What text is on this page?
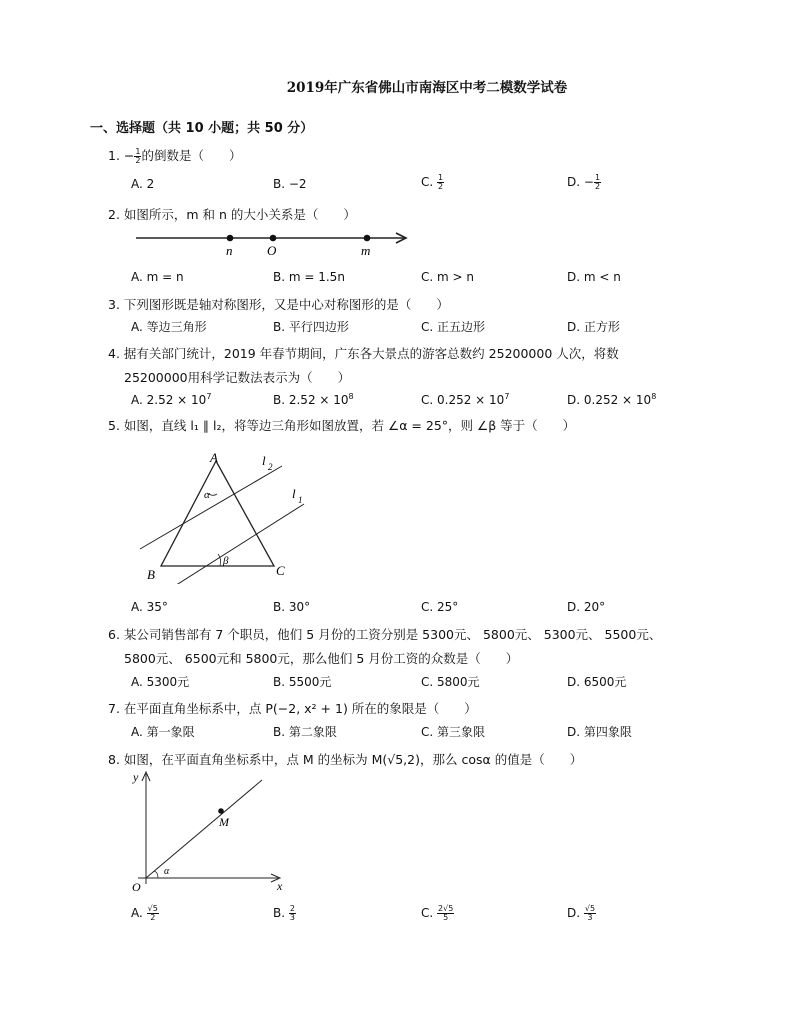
2019年广东省佛山市南海区中考二模数学试卷
一、选择题（共 10 小题；共 50 分）
1. − $\frac{1}{2}$ 的倒数是（　　）
A. 2	B. −2	C. $\frac{1}{2}$	D. − $\frac{1}{2}$
2. 如图所示，m 和 n 的大小关系是（　　）
n	O	m
A. m = n	B. m = 1.5n	C. m > n	D. m < n
3. 下列图形既是轴对称图形，又是中心对称图形的是（　　）
A. 等边三角形	B. 平行四边形	C. 正五边形	D. 正方形
4. 据有关部门统计，2019 年春节期间，广东各大景点的游客总数约 25200000 人次，将数
25200000用科学记数法表示为（　　）
A. $2.52 \times 10^7$	B. $2.52 \times 10^8$	C. $0.252 \times 10^7$	D. $0.252 \times 10^8$
5. 如图，直线 l₁ ∥ l₂，将等边三角形如图放置，若 ∠α = 25°，则 ∠β 等于（　　）
A
B	C
l 2
l 1
α
β
A. 35°	B. 30°	C. 25°	D. 20°
6. 某公司销售部有 7 个职员，他们 5 月份的工资分别是 5300元、 5800元、 5300元、 5500元、
5800元、 6500元和 5800元，那么他们 5 月份工资的众数是（　　）
A. 5300元	B. 5500元	C. 5800元	D. 6500元
7. 在平面直角坐标系中，点 P(−2, x² + 1) 所在的象限是（　　）
A. 第一象限	B. 第二象限	C. 第三象限	D. 第四象限
8. 如图，在平面直角坐标系中，点 M 的坐标为 M(√5,2)，那么 cosα 的值是（　　）
y
x
O
M
α
A. $\frac{√5}{2}$	B. $\frac{2}{3}$	C. $\frac{2√5}{5}$	D. $\frac{√5}{3}$
